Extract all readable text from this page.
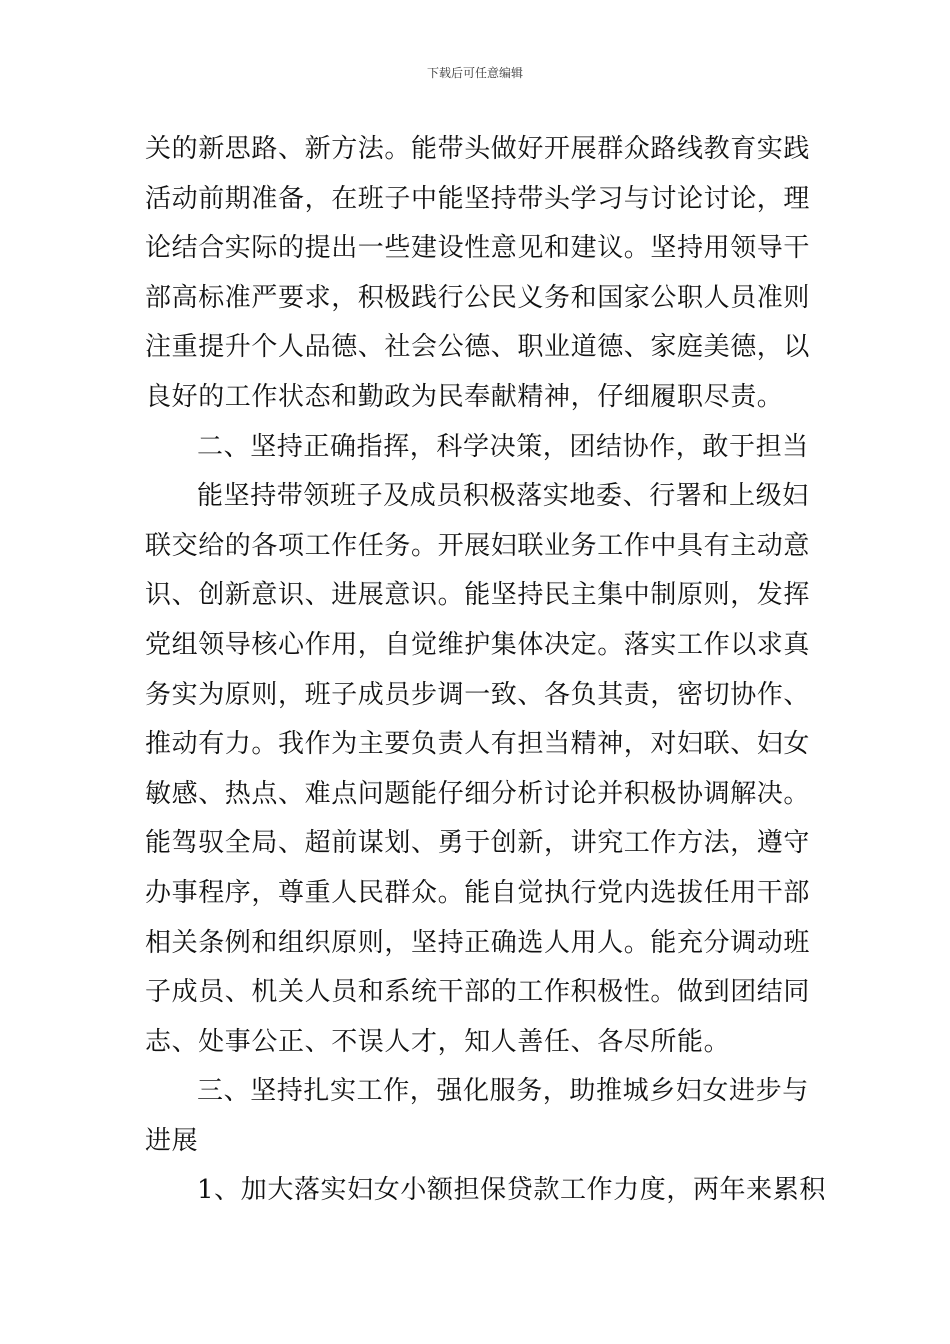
下载后可任意编辑
关的新思路、新方法。能带头做好开展群众路线教育实践
活动前期准备，在班子中能坚持带头学习与讨论讨论，理
论结合实际的提出一些建设性意见和建议。坚持用领导干
部高标准严要求，积极践行公民义务和国家公职人员准则
注重提升个人品德、社会公德、职业道德、家庭美德，以
良好的工作状态和勤政为民奉献精神，仔细履职尽责。
二、坚持正确指挥，科学决策，团结协作，敢于担当
能坚持带领班子及成员积极落实地委、行署和上级妇
联交给的各项工作任务。开展妇联业务工作中具有主动意
识、创新意识、进展意识。能坚持民主集中制原则，发挥
党组领导核心作用，自觉维护集体决定。落实工作以求真
务实为原则，班子成员步调一致、各负其责，密切协作、
推动有力。我作为主要负责人有担当精神，对妇联、妇女
敏感、热点、难点问题能仔细分析讨论并积极协调解决。
能驾驭全局、超前谋划、勇于创新，讲究工作方法，遵守
办事程序，尊重人民群众。能自觉执行党内选拔任用干部
相关条例和组织原则，坚持正确选人用人。能充分调动班
子成员、机关人员和系统干部的工作积极性。做到团结同
志、处事公正、不误人才，知人善任、各尽所能。
三、坚持扎实工作，强化服务，助推城乡妇女进步与
进展
1、加大落实妇女小额担保贷款工作力度，两年来累积
